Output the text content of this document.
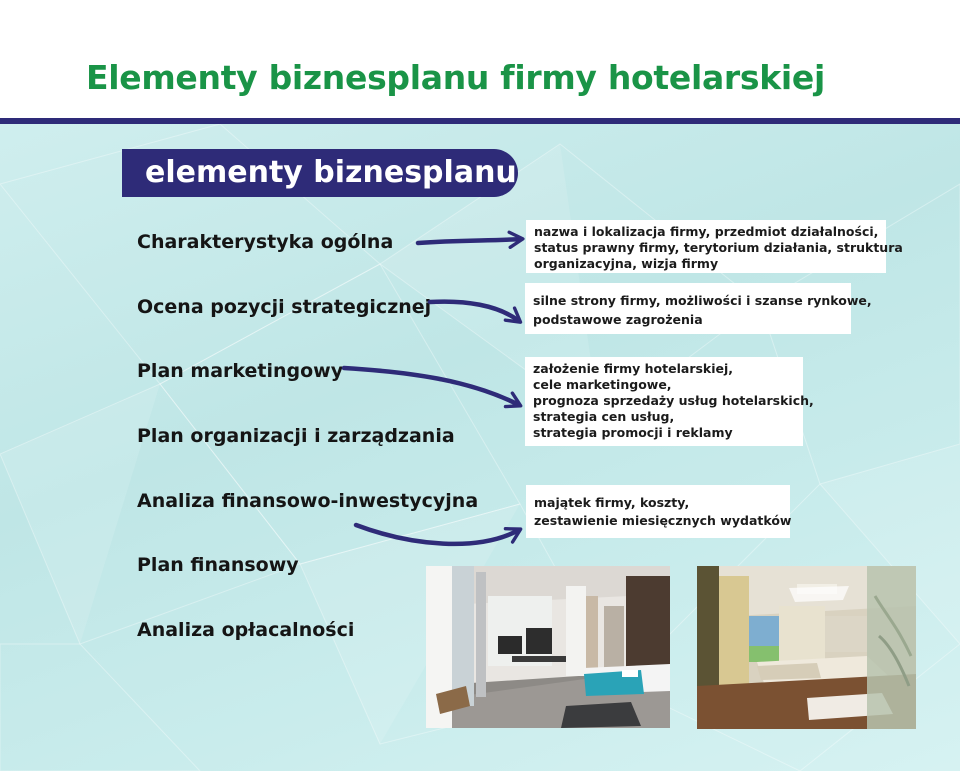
Elementy biznesplanu firmy hotelarskiej
elementy biznesplanu
Charakterystyka ogólna
Ocena pozycji strategicznej
Plan marketingowy
Plan organizacji i zarządzania
Analiza finansowo-inwestycyjna
Plan finansowy
Analiza opłacalności
nazwa i lokalizacja firmy, przedmiot działalności,
status prawny firmy, terytorium działania, struktura
organizacyjna, wizja firmy
silne strony firmy, możliwości i szanse rynkowe,
podstawowe zagrożenia
założenie firmy hotelarskiej,
cele marketingowe,
prognoza sprzedaży usług hotelarskich,
strategia cen usług,
strategia promocji i reklamy
majątek firmy, koszty,
zestawienie miesięcznych wydatków
